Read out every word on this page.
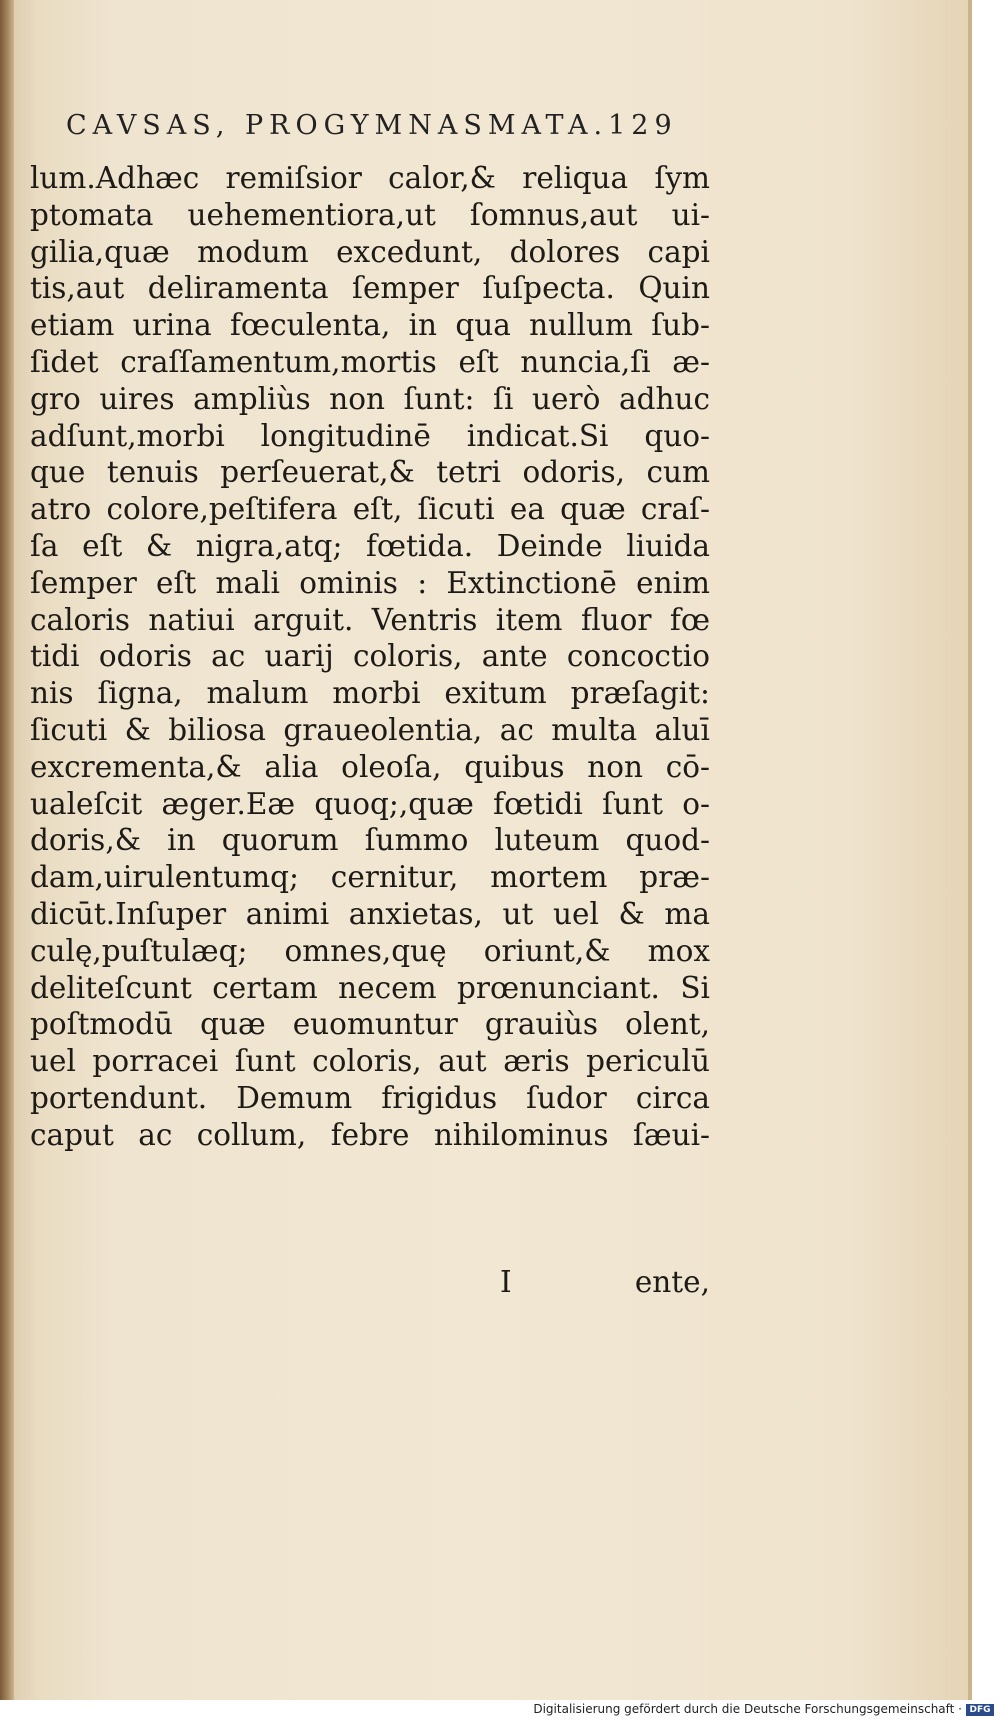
CAVSAS, PROGYMNASMATA.129
lum.Adhæc remiſsior calor,& reliqua ſym
ptomata uehementiora,ut ſomnus,aut ui-
gilia,quæ modum excedunt, dolores capi
tis,aut deliramenta ſemper ſuſpecta. Quin
etiam urina fœculenta, in qua nullum ſub-
ſidet craſſamentum,mortis eſt nuncia,ſi æ-
gro uires ampliùs non ſunt: ſi uerò adhuc
adſunt,morbi longitudinē indicat.Si quo-
que tenuis perſeuerat,& tetri odoris, cum
atro colore,peſtifera eſt, ſicuti ea quæ craſ-
ſa eſt & nigra,atq; fœtida. Deinde liuida
ſemper eſt mali ominis : Extinctionē enim
caloris natiui arguit. Ventris item fluor fœ
tidi odoris ac uarij coloris, ante concoctio
nis ſigna, malum morbi exitum præſagit:
ſicuti & biliosa graueolentia, ac multa aluī
excrementa,& alia oleoſa, quibus non cō-
ualeſcit æger.Eæ quoq;,quæ fœtidi ſunt o-
doris,& in quorum ſummo luteum quod-
dam,uirulentumq; cernitur, mortem præ-
dicūt.Inſuper animi anxietas, ut uel & ma
culę,puſtulæq; omnes,quę oriunt,& mox
deliteſcunt certam necem prœnunciant. Si
poſtmodū quæ euomuntur grauiùs olent,
uel porracei ſunt coloris, aut æris periculū
portendunt. Demum frigidus ſudor circa
caput ac collum, febre nihilominus ſæui-
I	ente,
Digitalisierung gefördert durch die Deutsche Forschungsgemeinschaft · DFG
